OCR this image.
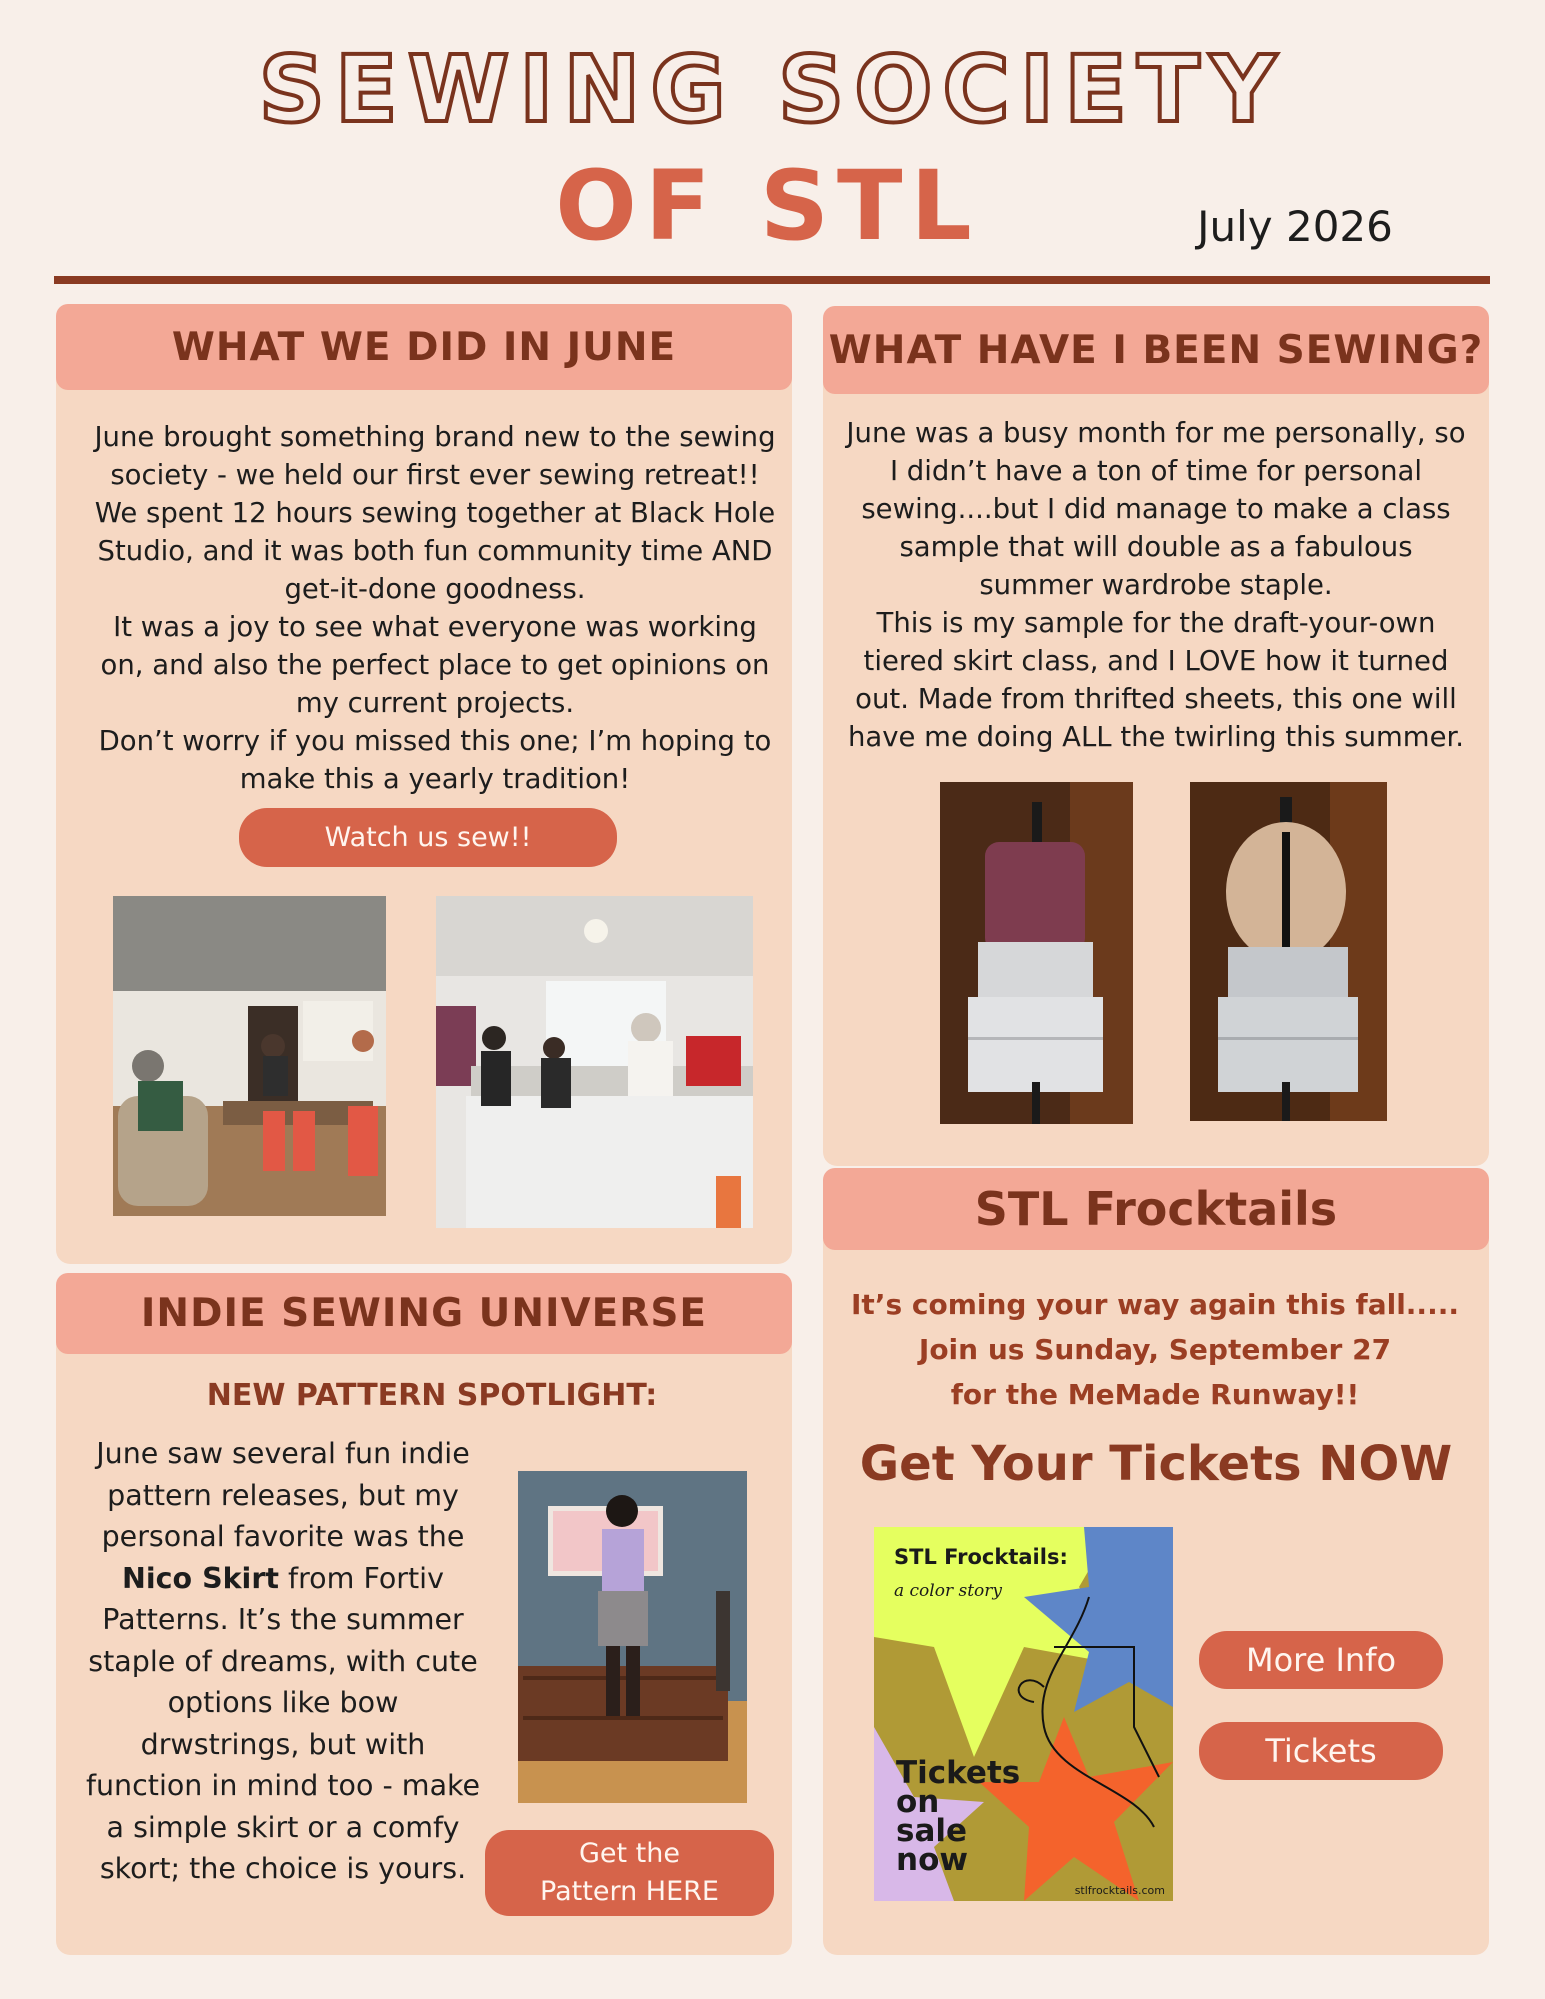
SEWING SOCIETY
OF STL	July 2026
WHAT WE DID IN JUNE
June brought something brand new to the sewing society - we held our first ever sewing retreat!! We spent 12 hours sewing together at Black Hole Studio, and it was both fun community time AND get-it-done goodness.
It was a joy to see what everyone was working on, and also the perfect place to get opinions on my current projects.
Don’t worry if you missed this one; I’m hoping to make this a yearly tradition!
Watch us sew!!
INDIE SEWING UNIVERSE
NEW PATTERN SPOTLIGHT:
June saw several fun indie pattern releases, but my personal favorite was the Nico Skirt from Fortiv Patterns. It’s the summer staple of dreams, with cute options like bow drwstrings, but with function in mind too - make a simple skirt or a comfy skort; the choice is yours.	Get the Pattern HERE
WHAT HAVE I BEEN SEWING?
June was a busy month for me personally, so I didn’t have a ton of time for personal sewing....but I did manage to make a class sample that will double as a fabulous summer wardrobe staple.
This is my sample for the draft-your-own tiered skirt class, and I LOVE how it turned out. Made from thrifted sheets, this one will have me doing ALL the twirling this summer.
STL Frocktails
It’s coming your way again this fall.....
Join us Sunday, September 27 for the MeMade Runway!!
Get Your Tickets NOW
STL Frocktails:
a color story
Tickets
on
sale
now
stlfrocktails.com
More Info
Tickets
